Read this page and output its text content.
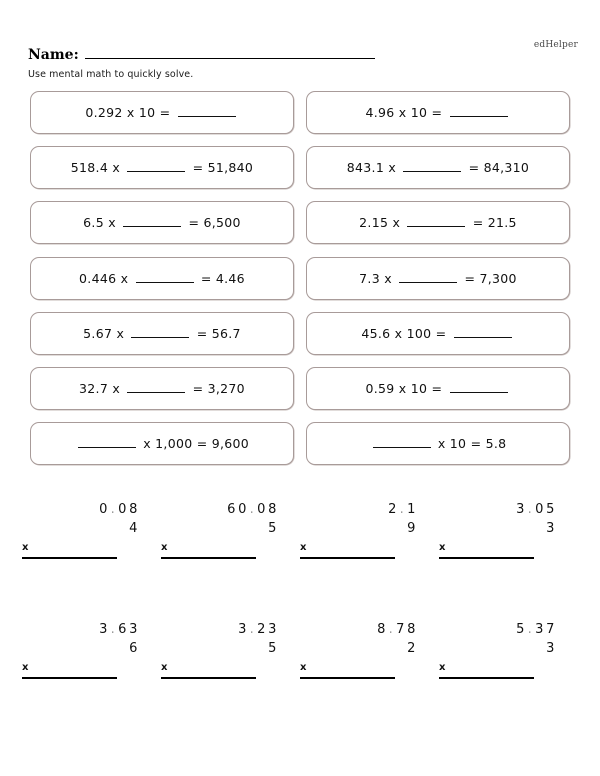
edHelper
Name:
Use mental math to quickly solve.
0.292 x 10 =	4.96 x 10 =
518.4 x	= 51,840	843.1 x	= 84,310
6.5 x	= 6,500	2.15 x	= 21.5
0.446 x	= 4.46	7.3 x	= 7,300
5.67 x	= 56.7	45.6 x 100 =
32.7 x	= 3,270	0.59 x 10 =
x 1,000 = 9,600	x 10 = 5.8
0 . 0 8
4
x
6 0 . 0 8
5
x
2 . 1
9
x
3 . 0 5
3
x
3 . 6 3
6
x
3 . 2 3
5
x
8 . 7 8
2
x
5 . 3 7
3
x
